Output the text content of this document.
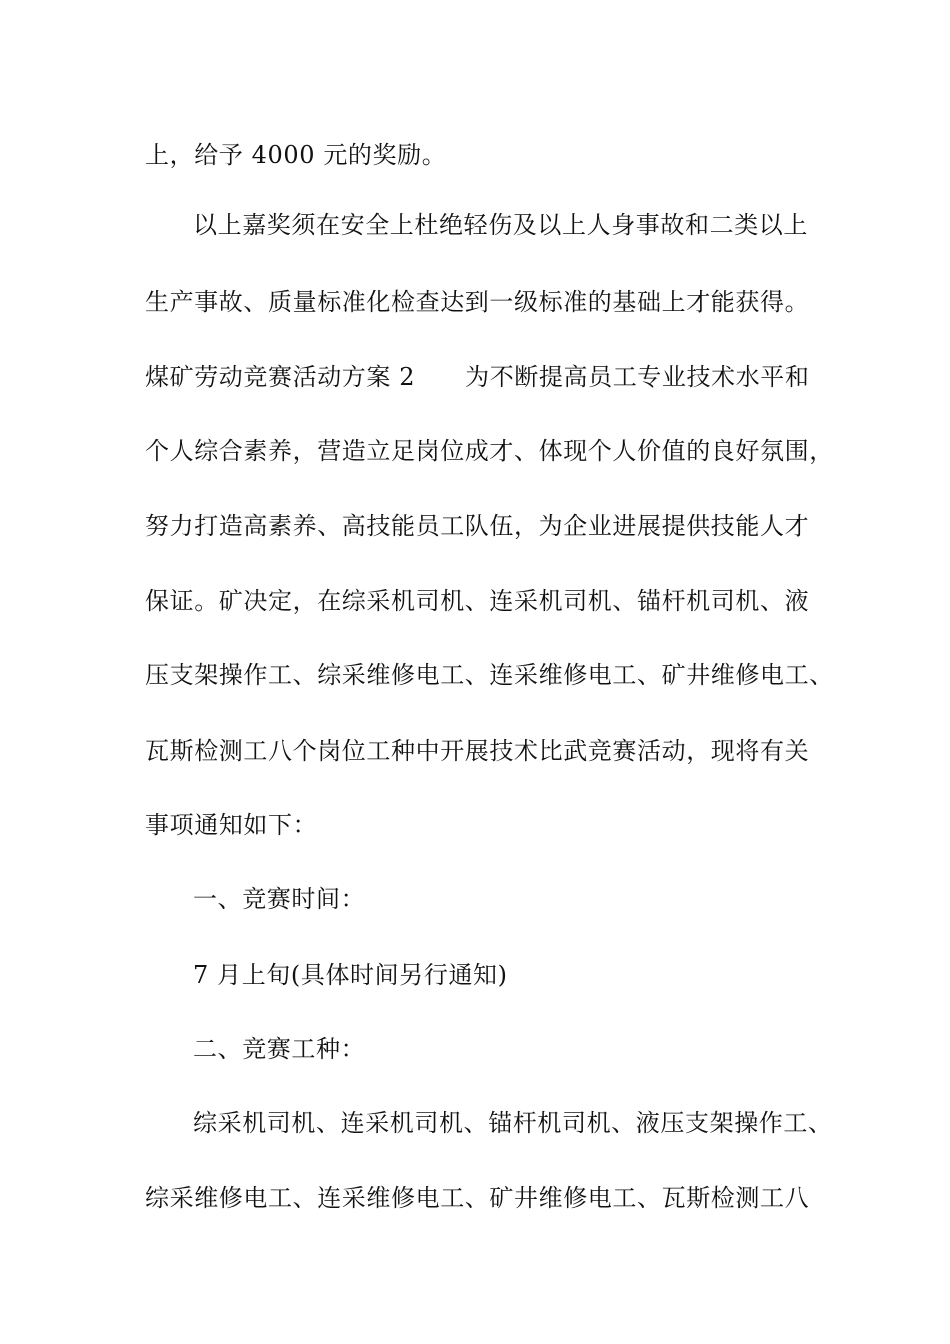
上，给予 4000 元的奖励。
以上嘉奖须在安全上杜绝轻伤及以上人身事故和二类以上
生产事故、质量标准化检查达到一级标准的基础上才能获得。
煤矿劳动竞赛活动方案 2 为不断提高员工专业技术水平和
个人综合素养，营造立足岗位成才、体现个人价值的良好氛围，
努力打造高素养、高技能员工队伍，为企业进展提供技能人才
保证。矿决定，在综采机司机、连采机司机、锚杆机司机、液
压支架操作工、综采维修电工、连采维修电工、矿井维修电工、
瓦斯检测工八个岗位工种中开展技术比武竞赛活动，现将有关
事项通知如下：
一、竞赛时间：
7 月上旬(具体时间另行通知)
二、竞赛工种：
综采机司机、连采机司机、锚杆机司机、液压支架操作工、
综采维修电工、连采维修电工、矿井维修电工、瓦斯检测工八
